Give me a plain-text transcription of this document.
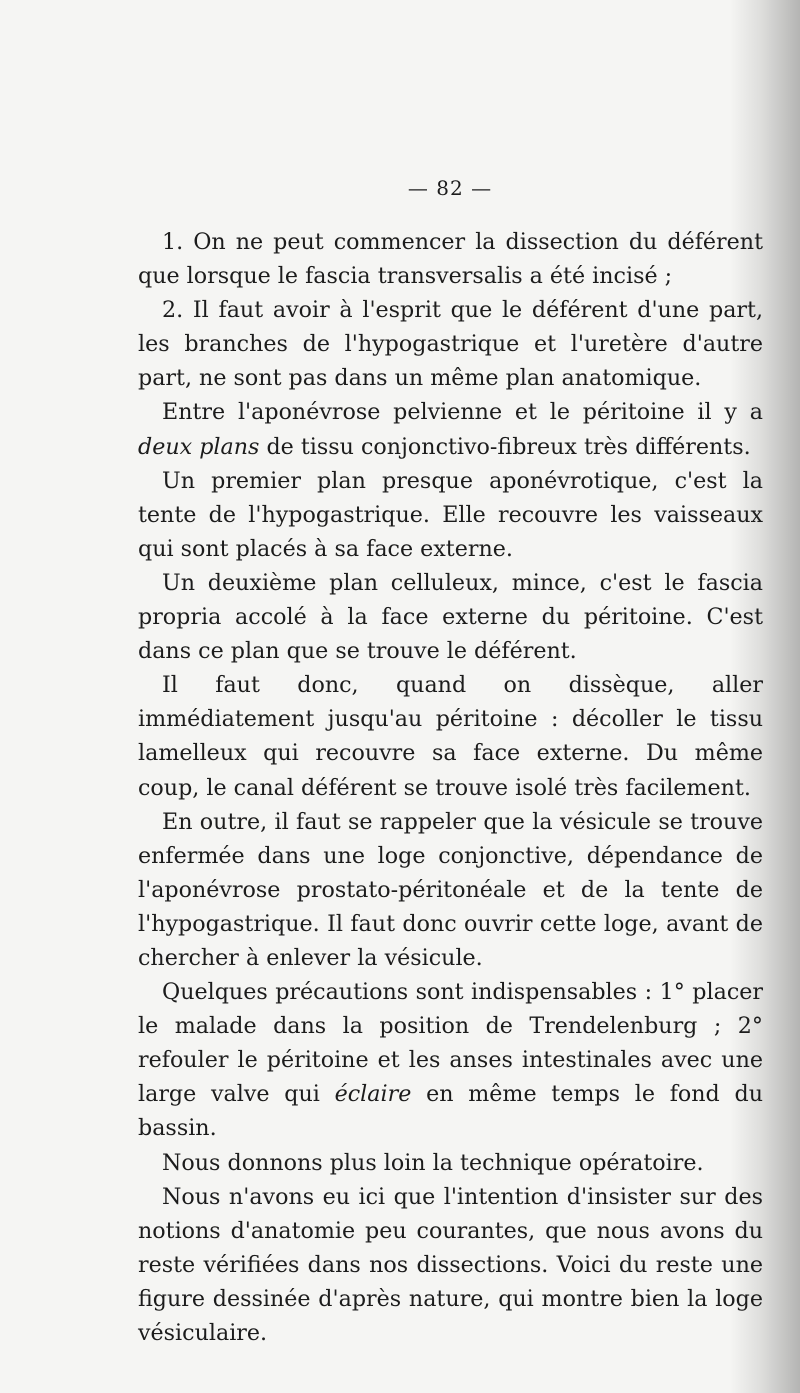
— 82 —

1. On ne peut commencer la dissection du déférent que lorsque le fascia transversalis a été incisé ;

2. Il faut avoir à l'esprit que le déférent d'une part, les branches de l'hypogastrique et l'uretère d'autre part, ne sont pas dans un même plan anatomique.

Entre l'aponévrose pelvienne et le péritoine il y a deux plans de tissu conjonctivo-fibreux très différents.

Un premier plan presque aponévrotique, c'est la tente de l'hypogastrique. Elle recouvre les vaisseaux qui sont placés à sa face externe.

Un deuxième plan celluleux, mince, c'est le fascia propria accolé à la face externe du péritoine. C'est dans ce plan que se trouve le déférent.

Il faut donc, quand on dissèque, aller immédiatement jusqu'au péritoine : décoller le tissu lamelleux qui recouvre sa face externe. Du même coup, le canal déférent se trouve isolé très facilement.

En outre, il faut se rappeler que la vésicule se trouve enfermée dans une loge conjonctive, dépendance de l'aponévrose prostato-péritonéale et de la tente de l'hypogastrique. Il faut donc ouvrir cette loge, avant de chercher à enlever la vésicule.

Quelques précautions sont indispensables : 1° placer le malade dans la position de Trendelenburg ; 2° refouler le péritoine et les anses intestinales avec une large valve qui éclaire en même temps le fond du bassin.

Nous donnons plus loin la technique opératoire.

Nous n'avons eu ici que l'intention d'insister sur des notions d'anatomie peu courantes, que nous avons du reste vérifiées dans nos dissections. Voici du reste une figure dessinée d'après nature, qui montre bien la loge vésiculaire.
